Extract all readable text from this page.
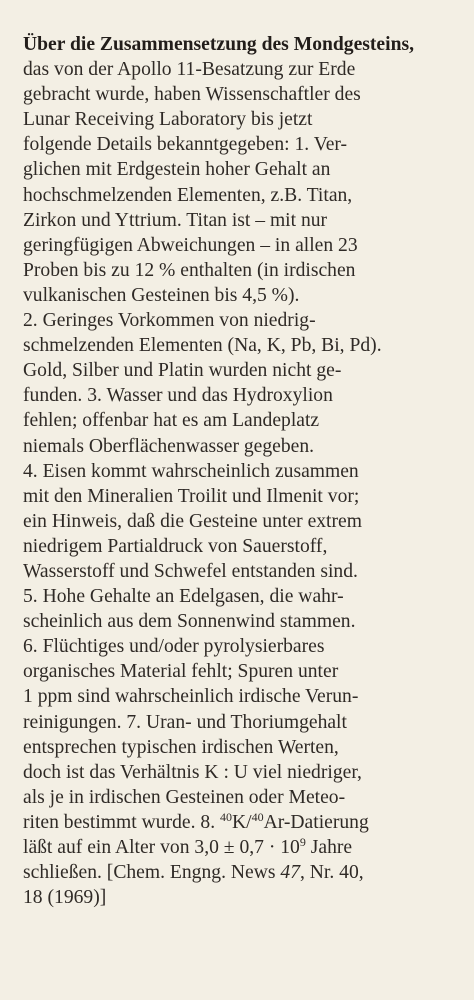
Über die Zusammensetzung des Mondgesteins,
das von der Apollo 11-Besatzung zur Erde
gebracht wurde, haben Wissenschaftler des
Lunar Receiving Laboratory bis jetzt
folgende Details bekanntgegeben: 1. Ver-
glichen mit Erdgestein hoher Gehalt an
hochschmelzenden Elementen, z.B. Titan,
Zirkon und Yttrium. Titan ist – mit nur
geringfügigen Abweichungen – in allen 23
Proben bis zu 12 % enthalten (in irdischen
vulkanischen Gesteinen bis 4,5 %).
2. Geringes Vorkommen von niedrig-
schmelzenden Elementen (Na, K, Pb, Bi, Pd).
Gold, Silber und Platin wurden nicht ge-
funden. 3. Wasser und das Hydroxylion
fehlen; offenbar hat es am Landeplatz
niemals Oberflächenwasser gegeben.
4. Eisen kommt wahrscheinlich zusammen
mit den Mineralien Troilit und Ilmenit vor;
ein Hinweis, daß die Gesteine unter extrem
niedrigem Partialdruck von Sauerstoff,
Wasserstoff und Schwefel entstanden sind.
5. Hohe Gehalte an Edelgasen, die wahr-
scheinlich aus dem Sonnenwind stammen.
6. Flüchtiges und/oder pyrolysierbares
organisches Material fehlt; Spuren unter
1 ppm sind wahrscheinlich irdische Verun-
reinigungen. 7. Uran- und Thoriumgehalt
entsprechen typischen irdischen Werten,
doch ist das Verhältnis K : U viel niedriger,
als je in irdischen Gesteinen oder Meteo-
riten bestimmt wurde. 8. $^{40}$K/$^{40}$Ar-Datierung
läßt auf ein Alter von $3,0 \pm 0,7 \cdot 10^9$ Jahre
schließen. [Chem. Engng. News 47, Nr. 40,
18 (1969)]
